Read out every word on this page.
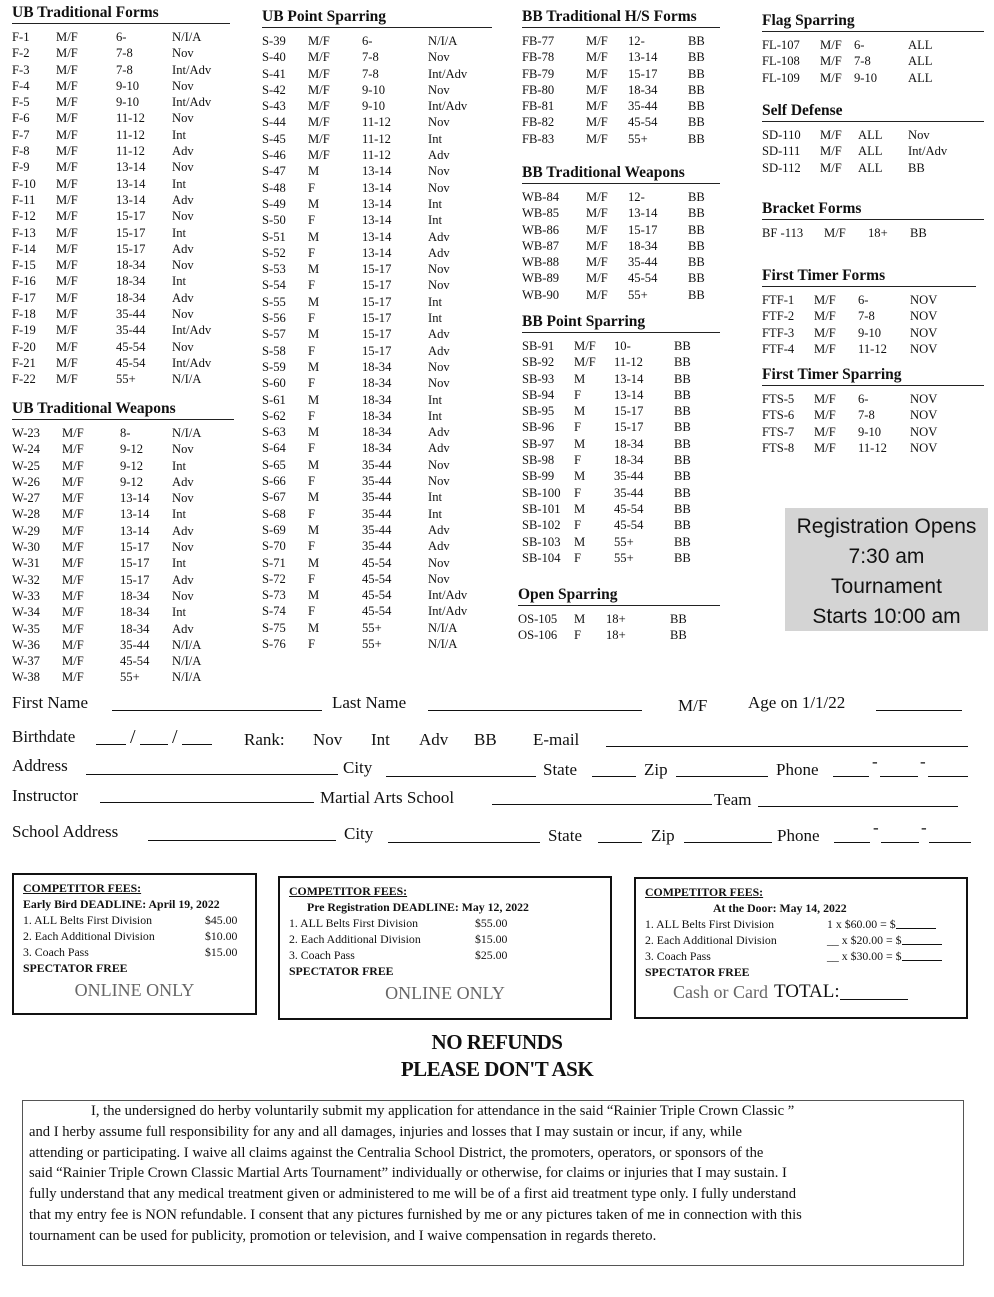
UB Traditional Forms
F-1	M/F	6-	N/I/A
F-2	M/F	7-8	Nov
F-3	M/F	7-8	Int/Adv
F-4	M/F	9-10	Nov
F-5	M/F	9-10	Int/Adv
F-6	M/F	11-12	Nov
F-7	M/F	11-12	Int
F-8	M/F	11-12	Adv
F-9	M/F	13-14	Nov
F-10	M/F	13-14	Int
F-11	M/F	13-14	Adv
F-12	M/F	15-17	Nov
F-13	M/F	15-17	Int
F-14	M/F	15-17	Adv
F-15	M/F	18-34	Nov
F-16	M/F	18-34	Int
F-17	M/F	18-34	Adv
F-18	M/F	35-44	Nov
F-19	M/F	35-44	Int/Adv
F-20	M/F	45-54	Nov
F-21	M/F	45-54	Int/Adv
F-22	M/F	55+	N/I/A
UB Traditional Weapons
W-23	M/F	8-	N/I/A
W-24	M/F	9-12	Nov
W-25	M/F	9-12	Int
W-26	M/F	9-12	Adv
W-27	M/F	13-14	Nov
W-28	M/F	13-14	Int
W-29	M/F	13-14	Adv
W-30	M/F	15-17	Nov
W-31	M/F	15-17	Int
W-32	M/F	15-17	Adv
W-33	M/F	18-34	Nov
W-34	M/F	18-34	Int
W-35	M/F	18-34	Adv
W-36	M/F	35-44	N/I/A
W-37	M/F	45-54	N/I/A
W-38	M/F	55+	N/I/A
UB Point Sparring
S-39	M/F	6-	N/I/A
S-40	M/F	7-8	Nov
S-41	M/F	7-8	Int/Adv
S-42	M/F	9-10	Nov
S-43	M/F	9-10	Int/Adv
S-44	M/F	11-12	Nov
S-45	M/F	11-12	Int
S-46	M/F	11-12	Adv
S-47	M	13-14	Nov
S-48	F	13-14	Nov
S-49	M	13-14	Int
S-50	F	13-14	Int
S-51	M	13-14	Adv
S-52	F	13-14	Adv
S-53	M	15-17	Nov
S-54	F	15-17	Nov
S-55	M	15-17	Int
S-56	F	15-17	Int
S-57	M	15-17	Adv
S-58	F	15-17	Adv
S-59	M	18-34	Nov
S-60	F	18-34	Nov
S-61	M	18-34	Int
S-62	F	18-34	Int
S-63	M	18-34	Adv
S-64	F	18-34	Adv
S-65	M	35-44	Nov
S-66	F	35-44	Nov
S-67	M	35-44	Int
S-68	F	35-44	Int
S-69	M	35-44	Adv
S-70	F	35-44	Adv
S-71	M	45-54	Nov
S-72	F	45-54	Nov
S-73	M	45-54	Int/Adv
S-74	F	45-54	Int/Adv
S-75	M	55+	N/I/A
S-76	F	55+	N/I/A
BB Traditional H/S Forms
FB-77	M/F	12-	BB
FB-78	M/F	13-14	BB
FB-79	M/F	15-17	BB
FB-80	M/F	18-34	BB
FB-81	M/F	35-44	BB
FB-82	M/F	45-54	BB
FB-83	M/F	55+	BB
BB Traditional Weapons
WB-84	M/F	12-	BB
WB-85	M/F	13-14	BB
WB-86	M/F	15-17	BB
WB-87	M/F	18-34	BB
WB-88	M/F	35-44	BB
WB-89	M/F	45-54	BB
WB-90	M/F	55+	BB
BB Point Sparring
SB-91	M/F	10-	BB
SB-92	M/F	11-12	BB
SB-93	M	13-14	BB
SB-94	F	13-14	BB
SB-95	M	15-17	BB
SB-96	F	15-17	BB
SB-97	M	18-34	BB
SB-98	F	18-34	BB
SB-99	M	35-44	BB
SB-100	F	35-44	BB
SB-101	M	45-54	BB
SB-102	F	45-54	BB
SB-103	M	55+	BB
SB-104	F	55+	BB
Open Sparring
OS-105	M	18+	BB
OS-106	F	18+	BB
Flag Sparring
FL-107	M/F 6-	ALL
FL-108	M/F 7-8	ALL
FL-109	M/F 9-10	ALL
Self Defense
SD-110	M/F	ALL	Nov
SD-111	M/F	ALL	Int/Adv
SD-112	M/F	ALL	BB
Bracket Forms
BF -113	M/F	18+	BB
First Timer Forms
FTF-1	M/F	6-	NOV
FTF-2	M/F	7-8	NOV
FTF-3	M/F	9-10	NOV
FTF-4	M/F	11-12	NOV
First Timer Sparring
FTS-5	M/F	6-	NOV
FTS-6	M/F	7-8	NOV
FTS-7	M/F	9-10	NOV
FTS-8	M/F	11-12	NOV
Registration Opens
7:30 am
Tournament
Starts 10:00 am
First Name	Last Name	M/F Age on 1/1/22
Birthdate	/ /	Rank: Nov Int Adv BB E-mail
Address	City	State	Zip	Phone	- -
Instructor	Martial Arts School	Team
School Address	City	State	Zip	Phone	- -
COMPETITOR FEES:
Early Bird DEADLINE: April 19, 2022
1. ALL Belts First Division	$45.00
2. Each Additional Division	$10.00
3. Coach Pass	$15.00
SPECTATOR FREE
ONLINE ONLY
COMPETITOR FEES:
Pre Registration DEADLINE: May 12, 2022
1. ALL Belts First Division	$55.00
2. Each Additional Division	$15.00
3. Coach Pass	$25.00
SPECTATOR FREE
ONLINE ONLY
COMPETITOR FEES:
At the Door: May 14, 2022
1. ALL Belts First Division	1 x $60.00 = $
2. Each Additional Division	__ x $20.00 = $
3. Coach Pass	__ x $30.00 = $
SPECTATOR FREE
Cash or Card TOTAL:
NO REFUNDS
PLEASE DON'T ASK
I, the undersigned do herby voluntarily submit my application for attendance in the said “Rainier Triple Crown Classic ”
and I herby assume full responsibility for any and all damages, injuries and losses that I may sustain or incur, if any, while
attending or participating. I waive all claims against the Centralia School District, the promoters, operators, or sponsors of the
said “Rainier Triple Crown Classic Martial Arts Tournament” individually or otherwise, for claims or injuries that I may sustain. I
fully understand that any medical treatment given or administered to me will be of a first aid treatment type only. I fully understand
that my entry fee is NON refundable. I consent that any pictures furnished by me or any pictures taken of me in connection with this
tournament can be used for publicity, promotion or television, and I waive compensation in regards thereto.
